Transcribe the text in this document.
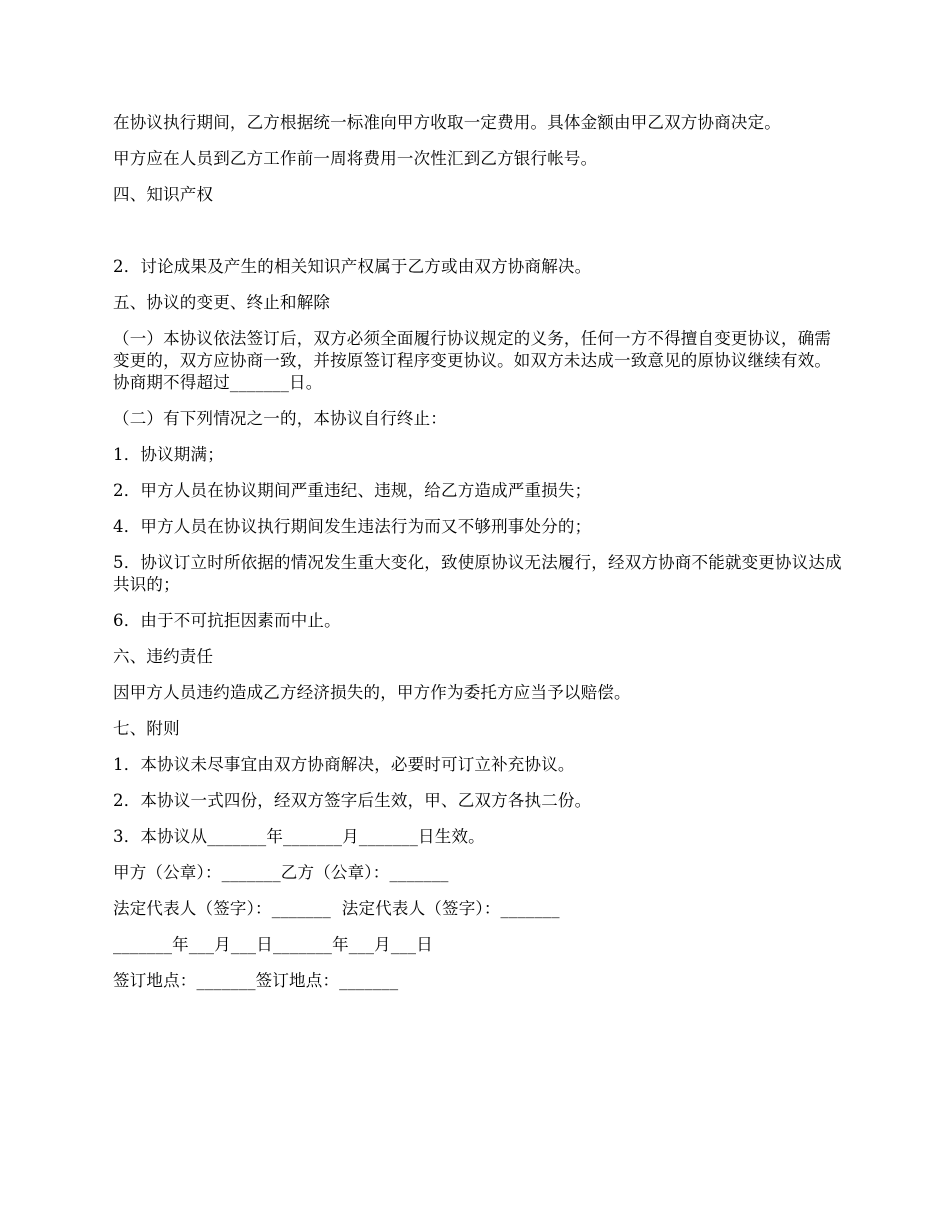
在协议执行期间，乙方根据统一标准向甲方收取一定费用。具体金额由甲乙双方协商决定。

甲方应在人员到乙方工作前一周将费用一次性汇到乙方银行帐号。

四、知识产权

2．讨论成果及产生的相关知识产权属于乙方或由双方协商解决。

五、协议的变更、终止和解除

（一）本协议依法签订后，双方必须全面履行协议规定的义务，任何一方不得擅自变更协议，确需变更的，双方应协商一致，并按原签订程序变更协议。如双方未达成一致意见的原协议继续有效。协商期不得超过_______日。

（二）有下列情况之一的，本协议自行终止：

1．协议期满；

2．甲方人员在协议期间严重违纪、违规，给乙方造成严重损失；

4．甲方人员在协议执行期间发生违法行为而又不够刑事处分的；

5．协议订立时所依据的情况发生重大变化，致使原协议无法履行，经双方协商不能就变更协议达成共识的；

6．由于不可抗拒因素而中止。

六、违约责任

因甲方人员违约造成乙方经济损失的，甲方作为委托方应当予以赔偿。

七、附则

1．本协议未尽事宜由双方协商解决，必要时可订立补充协议。

2．本协议一式四份，经双方签字后生效，甲、乙双方各执二份。

3．本协议从_______年_______月_______日生效。

甲方（公章）：_______乙方（公章）：_______

法定代表人（签字）：_______  法定代表人（签字）：_______

_______年___月___日_______年___月___日

签订地点：_______签订地点：_______
